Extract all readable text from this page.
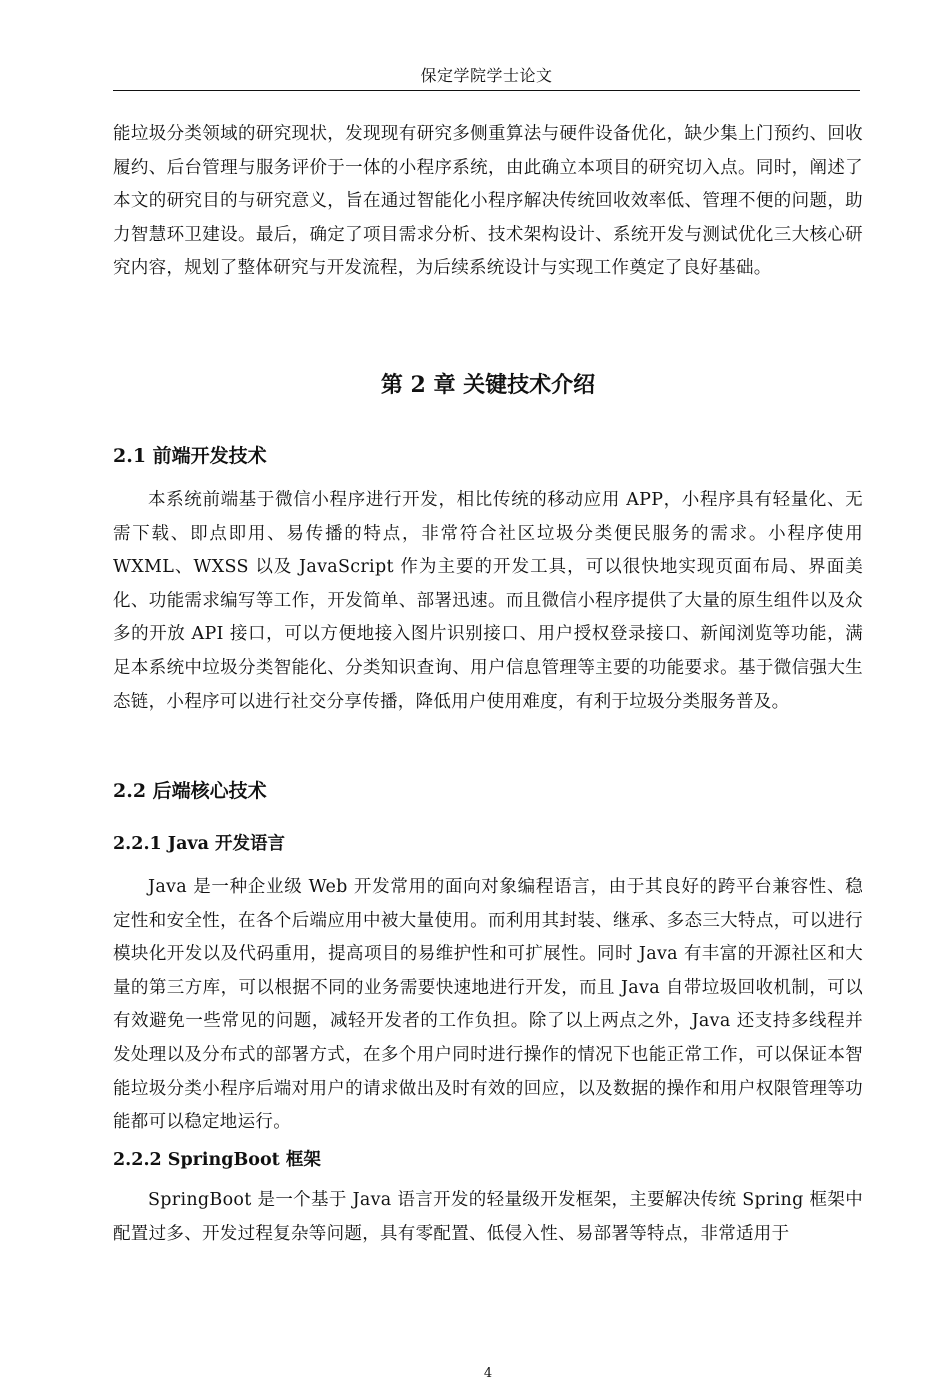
保定学院学士论文

能垃圾分类领域的研究现状，发现现有研究多侧重算法与硬件设备优化，缺少集上门预约、回收履约、后台管理与服务评价于一体的小程序系统，由此确立本项目的研究切入点。同时，阐述了本文的研究目的与研究意义，旨在通过智能化小程序解决传统回收效率低、管理不便的问题，助力智慧环卫建设。最后，确定了项目需求分析、技术架构设计、系统开发与测试优化三大核心研究内容，规划了整体研究与开发流程，为后续系统设计与实现工作奠定了良好基础。

第 2 章 关键技术介绍
2.1 前端开发技术

本系统前端基于微信小程序进行开发，相比传统的移动应用 APP，小程序具有轻量化、无需下载、即点即用、易传播的特点，非常符合社区垃圾分类便民服务的需求。小程序使用 WXML、WXSS 以及 JavaScript 作为主要的开发工具，可以很快地实现页面布局、界面美化、功能需求编写等工作，开发简单、部署迅速。而且微信小程序提供了大量的原生组件以及众多的开放 API 接口，可以方便地接入图片识别接口、用户授权登录接口、新闻浏览等功能，满足本系统中垃圾分类智能化、分类知识查询、用户信息管理等主要的功能要求。基于微信强大生态链，小程序可以进行社交分享传播，降低用户使用难度，有利于垃圾分类服务普及。

2.2 后端核心技术
2.2.1 Java 开发语言

Java 是一种企业级 Web 开发常用的面向对象编程语言，由于其良好的跨平台兼容性、稳定性和安全性，在各个后端应用中被大量使用。而利用其封装、继承、多态三大特点，可以进行模块化开发以及代码重用，提高项目的易维护性和可扩展性。同时 Java 有丰富的开源社区和大量的第三方库，可以根据不同的业务需要快速地进行开发，而且 Java 自带垃圾回收机制，可以有效避免一些常见的问题，减轻开发者的工作负担。除了以上两点之外，Java 还支持多线程并发处理以及分布式的部署方式，在多个用户同时进行操作的情况下也能正常工作，可以保证本智能垃圾分类小程序后端对用户的请求做出及时有效的回应，以及数据的操作和用户权限管理等功能都可以稳定地运行。

2.2.2 SpringBoot 框架

SpringBoot 是一个基于 Java 语言开发的轻量级开发框架，主要解决传统 Spring 框架中配置过多、开发过程复杂等问题，具有零配置、低侵入性、易部署等特点，非常适用于

4
